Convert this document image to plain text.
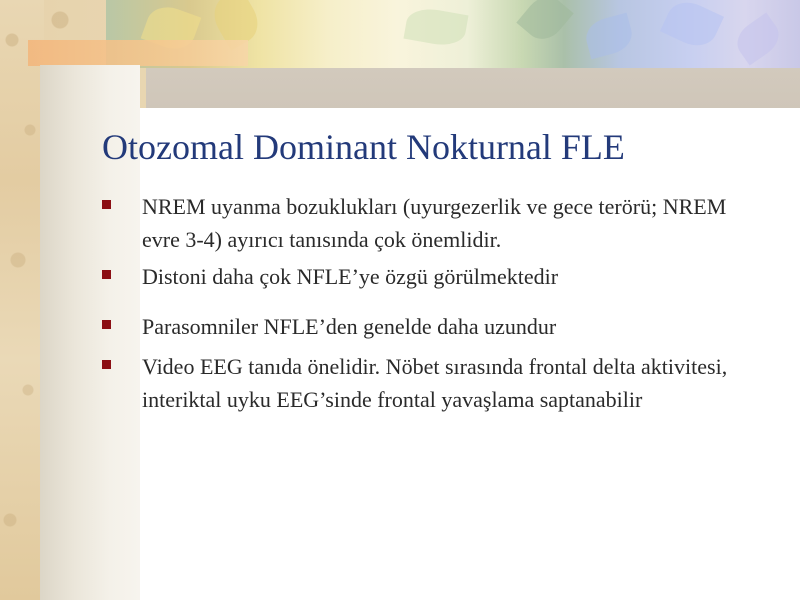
Otozomal Dominant Nokturnal FLE
NREM uyanma bozuklukları (uyurgezerlik ve gece terörü; NREM evre 3-4) ayırıcı tanısında çok önemlidir.
Distoni daha çok NFLE’ye özgü görülmektedir
Parasomniler NFLE’den genelde daha uzundur
Video EEG tanıda önelidir. Nöbet sırasında frontal delta aktivitesi, interiktal uyku EEG’sinde frontal yavaşlama saptanabilir
